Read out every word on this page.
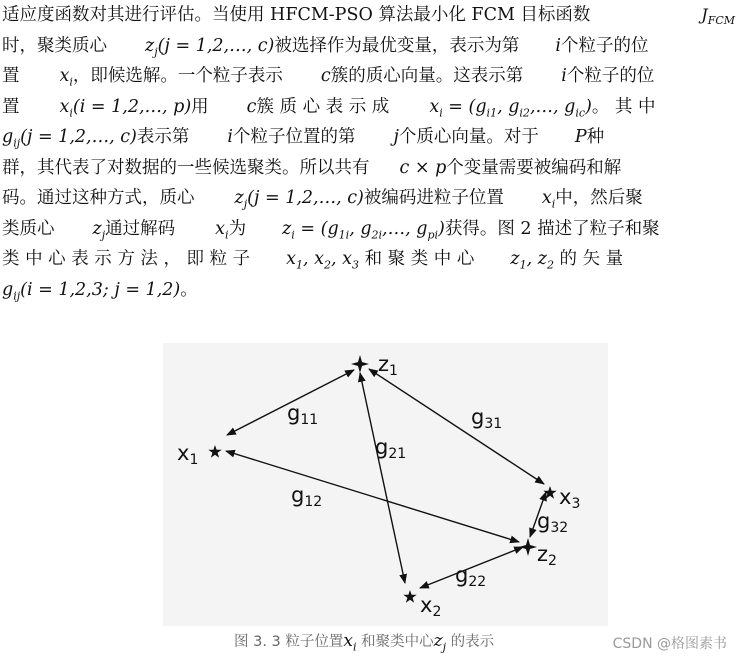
适应度函数对其进行评估。当使用 HFCM-PSO 算法最小化 FCM 目标函数	$J_{FCM}$
时，聚类质心 $z_j(j$ = 1,2,…, c)被选择作为最优变量，表示为第 i个粒子的位
置 $x_i$，即候选解。一个粒子表示 c簇的质心向量。这表示第 i个粒子的位
置 $x_i(i$ = 1,2,…, p)用 c簇 质 心 表 示 成 $x_i = (g_{i1}$, $g_{i2},\dots$, $g_{ic}$)。 其 中
$g_{ij}(j$ = 1,2,…, c)表示第 i个粒子位置的第 j个质心向量。对于 P种
群，其代表了对数据的一些候选聚类。所以共有 c × p个变量需要被编码和解
码。通过这种方式，质心 $z_j(j$ = 1,2,…, c)被编码进粒子位置 $x_i$中，然后聚
类质心 $z_j$通过解码 $x_i$为 $z_i = (g_{1i}$, $g_{2i},\dots$, $g_{pi}$)获得。图 2 描述了粒子和聚
类 中 心 表 示 方 法 ， 即 粒 子 $x_1$, $x_2$, $x_3$ 和 聚 类 中 心 $z_1$, $z_2$ 的 矢 量
$g_{ij}(i = 1,2,3$; j = 1,2)。
$z_1$
$z_2$
$x_1$
$x_2$
$x_3$
$g_{11}$
$g_{21}$
$g_{31}$
$g_{12}$
$g_{32}$
$g_{22}$
图 3. 3 粒子位置$x_i$ 和聚类中心$z_j$ 的表示	CSDN @格图素书
